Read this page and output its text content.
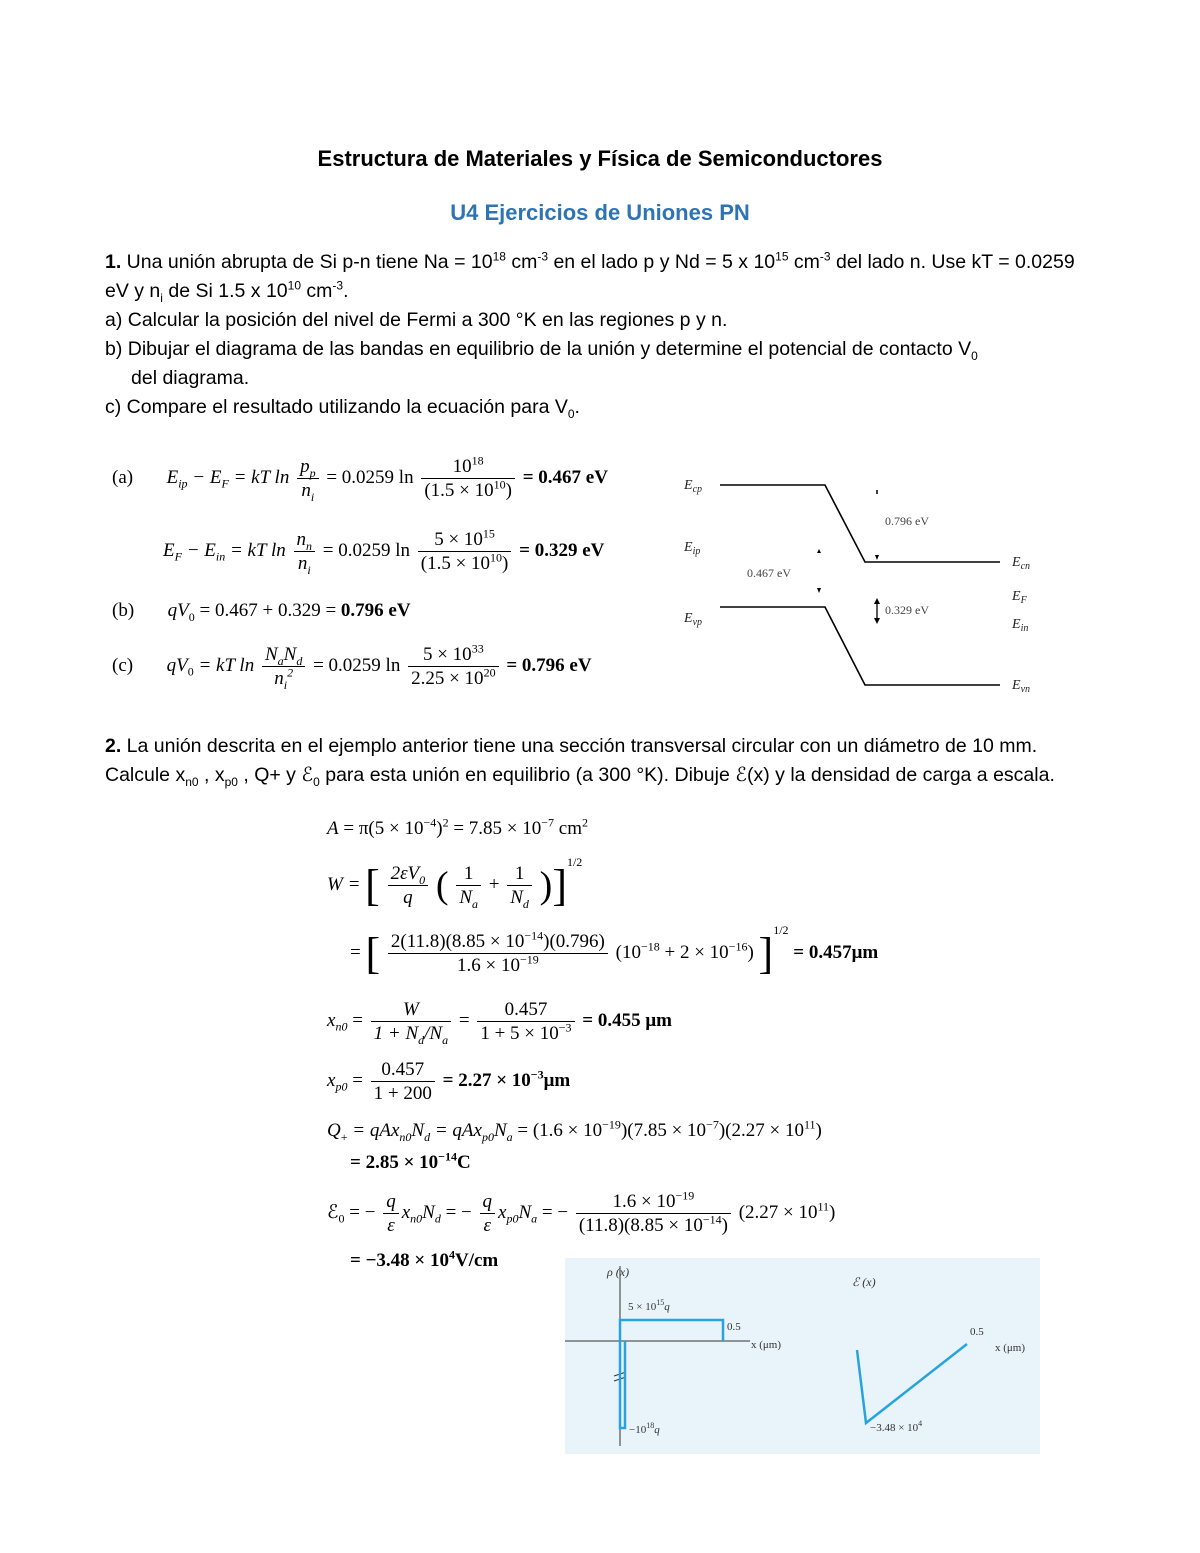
Estructura de Materiales y Física de Semiconductores
U4 Ejercicios de Uniones PN
1. Una unión abrupta de Si p-n tiene $Na = 10^{18}$ $cm^{-3}$ en el lado p y Nd = 5 x $10^{15}$ $cm^{-3}$ del lado n. Use kT = 0.0259 eV y $n_i$ de Si 1.5 x $10^{10}$ $cm^{-3}$.
a) Calcular la posición del nivel de Fermi a 300 °K en las regiones p y n.
b) Dibujar el diagrama de las bandas en equilibrio de la unión y determine el potencial de contacto $V_0$
del diagrama.
c) Compare el resultado utilizando la ecuación para $V_0$.
(a) $E_{ip} - E_F$ = kT $\ln \frac{p_p}{n_i} = 0.0259$ $\ln \frac{10^{18}}{(1.5 \times 10^{10})} = 0.467$ eV
$E_F - E_{in}$ = kT $\ln \frac{n_n}{n_i} = 0.0259$ $\ln \frac{5 \times 10^{15}}{(1.5 \times 10^{10})} = 0.329$ eV
(b) $qV_0 = 0.467 + 0.329 = 0.796$ eV
(c) $qV_0$ = kT $\ln \frac{N_aN_d}{n_i^2} = 0.0259$ $\ln \frac{5 \times 10^{33}}{2.25 \times 10^{20}} = 0.796$ eV
0.796 eV
0.467 eV
0.329 eV
$E_{cp}$
$E_{ip}$
$E_{vp}$
$E_{cn}$
$E_F$
$E_{in}$
$E_{vn}$
2. La unión descrita en el ejemplo anterior tiene una sección transversal circular con un diámetro de 10 mm. Calcule $x_{n0}$ , $x_{p0}$ , Q+ y ℰ$_0$ para esta unión en equilibrio (a 300 °K). Dibuje ℰ(x) y la densidad de carga a escala.
$A = \pi(5 \times 10^{-4})^2 = 7.85 \times 10^{-7}$ $cm^2$
W = [ $\frac{2\varepsilon V_0}{q}$ ( $\frac{1}{N_a} + \frac{1}{N_d} )]^{1/2}$
= [ $\frac{2(11.8)(8.85 \times 10^{-14})(0.796)}{1.6 \times 10^{-19}} (10^{-18} + 2 \times 10^{-16}) ]^{1/2} = 0.457\mu m$
$x_{n0} = \frac{W}{1 + N_d/N_a} = \frac{0.457}{1 + 5 \times 10^{-3}} = 0.455$ μm
$x_{p0} = \frac{0.457}{1 + 200} = 2.27 \times 10^{-3}\mu m$
$Q_+ = qAx_{n0}N_d = qAx_{p0}N_a = (1.6 \times 10^{-19})(7.85 \times 10^{-7})(2.27 \times 10^{11})$
= $2.85 \times 10^{-14}C$
ℰ$_0$ = − $\frac{q}{\varepsilon} x_{n0}N_d$ = − $\frac{q}{\varepsilon} x_{p0}N_a$ = − $\frac{1.6 \times 10^{-19}}{(11.8)(8.85 \times 10^{-14})} (2.27 \times 10^{11})$
= $-3.48 \times 10^4V/cm$
ρ (x)
$5 \times 10^{15}q$
$-10^{18}q$
0.5
x (μm)
ℰ (x)
0.5
x (μm)
$-3.48 \times 10^4$
